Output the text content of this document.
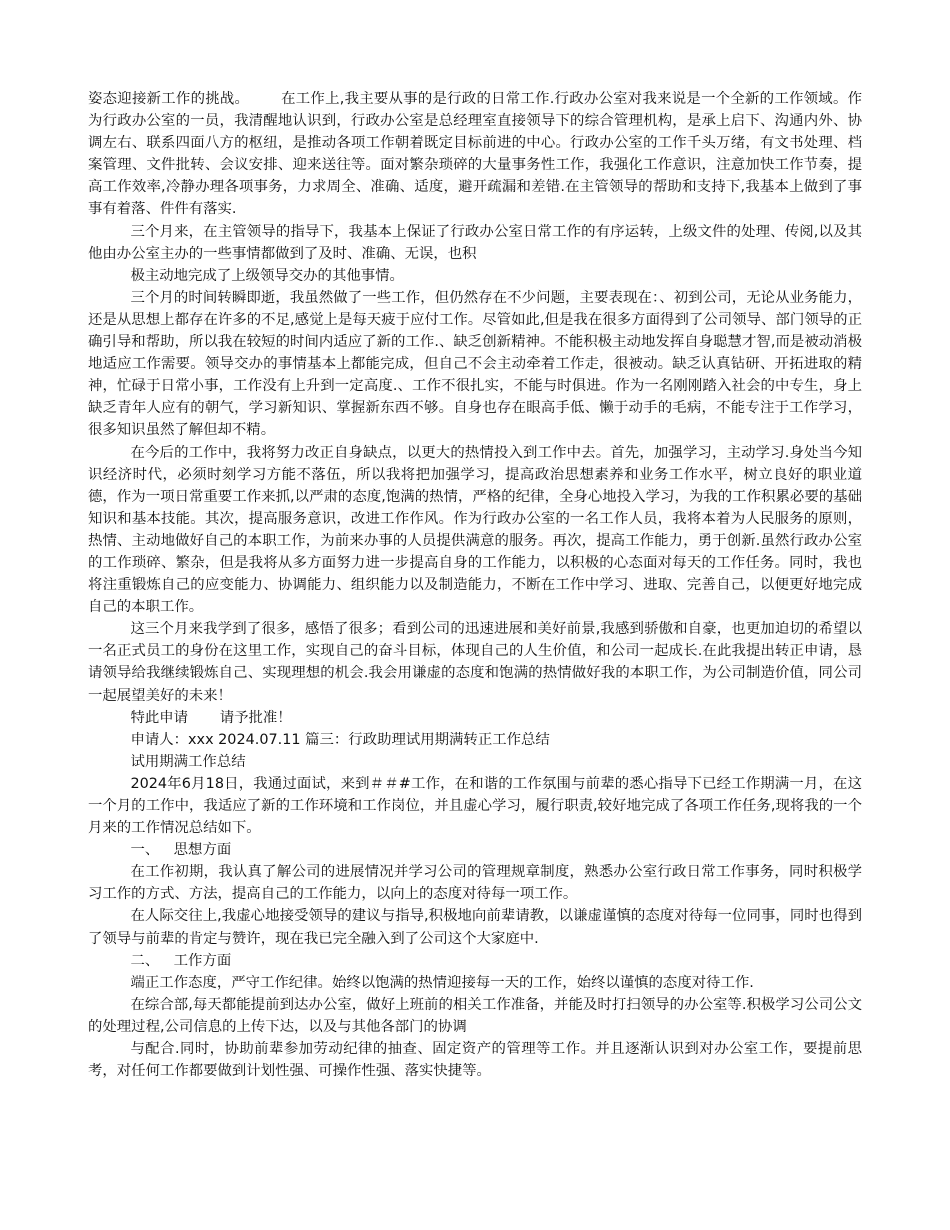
姿态迎接新工作的挑战。 在工作上,我主要从事的是行政的日常工作.行政办公室对我来说是一个全新的工作领域。作为行政办公室的一员，我清醒地认识到，行政办公室是总经理室直接领导下的综合管理机构，是承上启下、沟通内外、协调左右、联系四面八方的枢纽，是推动各项工作朝着既定目标前进的中心。行政办公室的工作千头万绪，有文书处理、档案管理、文件批转、会议安排、迎来送往等。面对繁杂琐碎的大量事务性工作，我强化工作意识，注意加快工作节奏，提高工作效率,冷静办理各项事务，力求周全、准确、适度，避开疏漏和差错.在主管领导的帮助和支持下,我基本上做到了事事有着落、件件有落实.

三个月来，在主管领导的指导下，我基本上保证了行政办公室日常工作的有序运转，上级文件的处理、传阅,以及其他由办公室主办的一些事情都做到了及时、准确、无误，也积

极主动地完成了上级领导交办的其他事情。

三个月的时间转瞬即逝，我虽然做了一些工作，但仍然存在不少问题，主要表现在：、初到公司，无论从业务能力，还是从思想上都存在许多的不足,感觉上是每天疲于应付工作。尽管如此,但是我在很多方面得到了公司领导、部门领导的正确引导和帮助，所以我在较短的时间内适应了新的工作.、缺乏创新精神。不能积极主动地发挥自身聪慧才智,而是被动消极地适应工作需要。领导交办的事情基本上都能完成，但自己不会主动牵着工作走，很被动。缺乏认真钻研、开拓进取的精神，忙碌于日常小事，工作没有上升到一定高度.、工作不很扎实，不能与时俱进。作为一名刚刚踏入社会的中专生，身上缺乏青年人应有的朝气，学习新知识、掌握新东西不够。自身也存在眼高手低、懒于动手的毛病，不能专注于工作学习，很多知识虽然了解但却不精。

在今后的工作中，我将努力改正自身缺点，以更大的热情投入到工作中去。首先，加强学习，主动学习.身处当今知识经济时代，必须时刻学习方能不落伍，所以我将把加强学习，提高政治思想素养和业务工作水平，树立良好的职业道德，作为一项日常重要工作来抓,以严肃的态度,饱满的热情，严格的纪律，全身心地投入学习，为我的工作积累必要的基础知识和基本技能。其次，提高服务意识，改进工作作风。作为行政办公室的一名工作人员，我将本着为人民服务的原则，热情、主动地做好自己的本职工作，为前来办事的人员提供满意的服务。再次，提高工作能力，勇于创新.虽然行政办公室的工作琐碎、繁杂，但是我将从多方面努力进一步提高自身的工作能力，以积极的心态面对每天的工作任务。同时，我也将注重锻炼自己的应变能力、协调能力、组织能力以及制造能力，不断在工作中学习、进取、完善自己，以便更好地完成自己的本职工作。

这三个月来我学到了很多，感悟了很多；看到公司的迅速进展和美好前景,我感到骄傲和自豪，也更加迫切的希望以一名正式员工的身份在这里工作，实现自己的奋斗目标，体现自己的人生价值，和公司一起成长.在此我提出转正申请，恳请领导给我继续锻炼自己、实现理想的机会.我会用谦虚的态度和饱满的热情做好我的本职工作，为公司制造价值，同公司一起展望美好的未来！

特此申请 请予批准！

申请人：xxx 2024.07.11 篇三：行政助理试用期满转正工作总结

试用期满工作总结

2024年6月18日，我通过面试，来到＃＃#工作，在和谐的工作氛围与前辈的悉心指导下已经工作期满一月，在这一个月的工作中，我适应了新的工作环境和工作岗位，并且虚心学习，履行职责,较好地完成了各项工作任务,现将我的一个月来的工作情况总结如下。

一、 思想方面

在工作初期，我认真了解公司的进展情况并学习公司的管理规章制度，熟悉办公室行政日常工作事务，同时积极学习工作的方式、方法，提高自己的工作能力，以向上的态度对待每一项工作。

在人际交往上,我虚心地接受领导的建议与指导,积极地向前辈请教，以谦虚谨慎的态度对待每一位同事，同时也得到了领导与前辈的肯定与赞许，现在我已完全融入到了公司这个大家庭中.

二、 工作方面

端正工作态度，严守工作纪律。始终以饱满的热情迎接每一天的工作，始终以谨慎的态度对待工作.

在综合部,每天都能提前到达办公室，做好上班前的相关工作准备，并能及时打扫领导的办公室等.积极学习公司公文的处理过程,公司信息的上传下达，以及与其他各部门的协调

与配合.同时，协助前辈参加劳动纪律的抽查、固定资产的管理等工作。并且逐渐认识到对办公室工作，要提前思考，对任何工作都要做到计划性强、可操作性强、落实快捷等。
